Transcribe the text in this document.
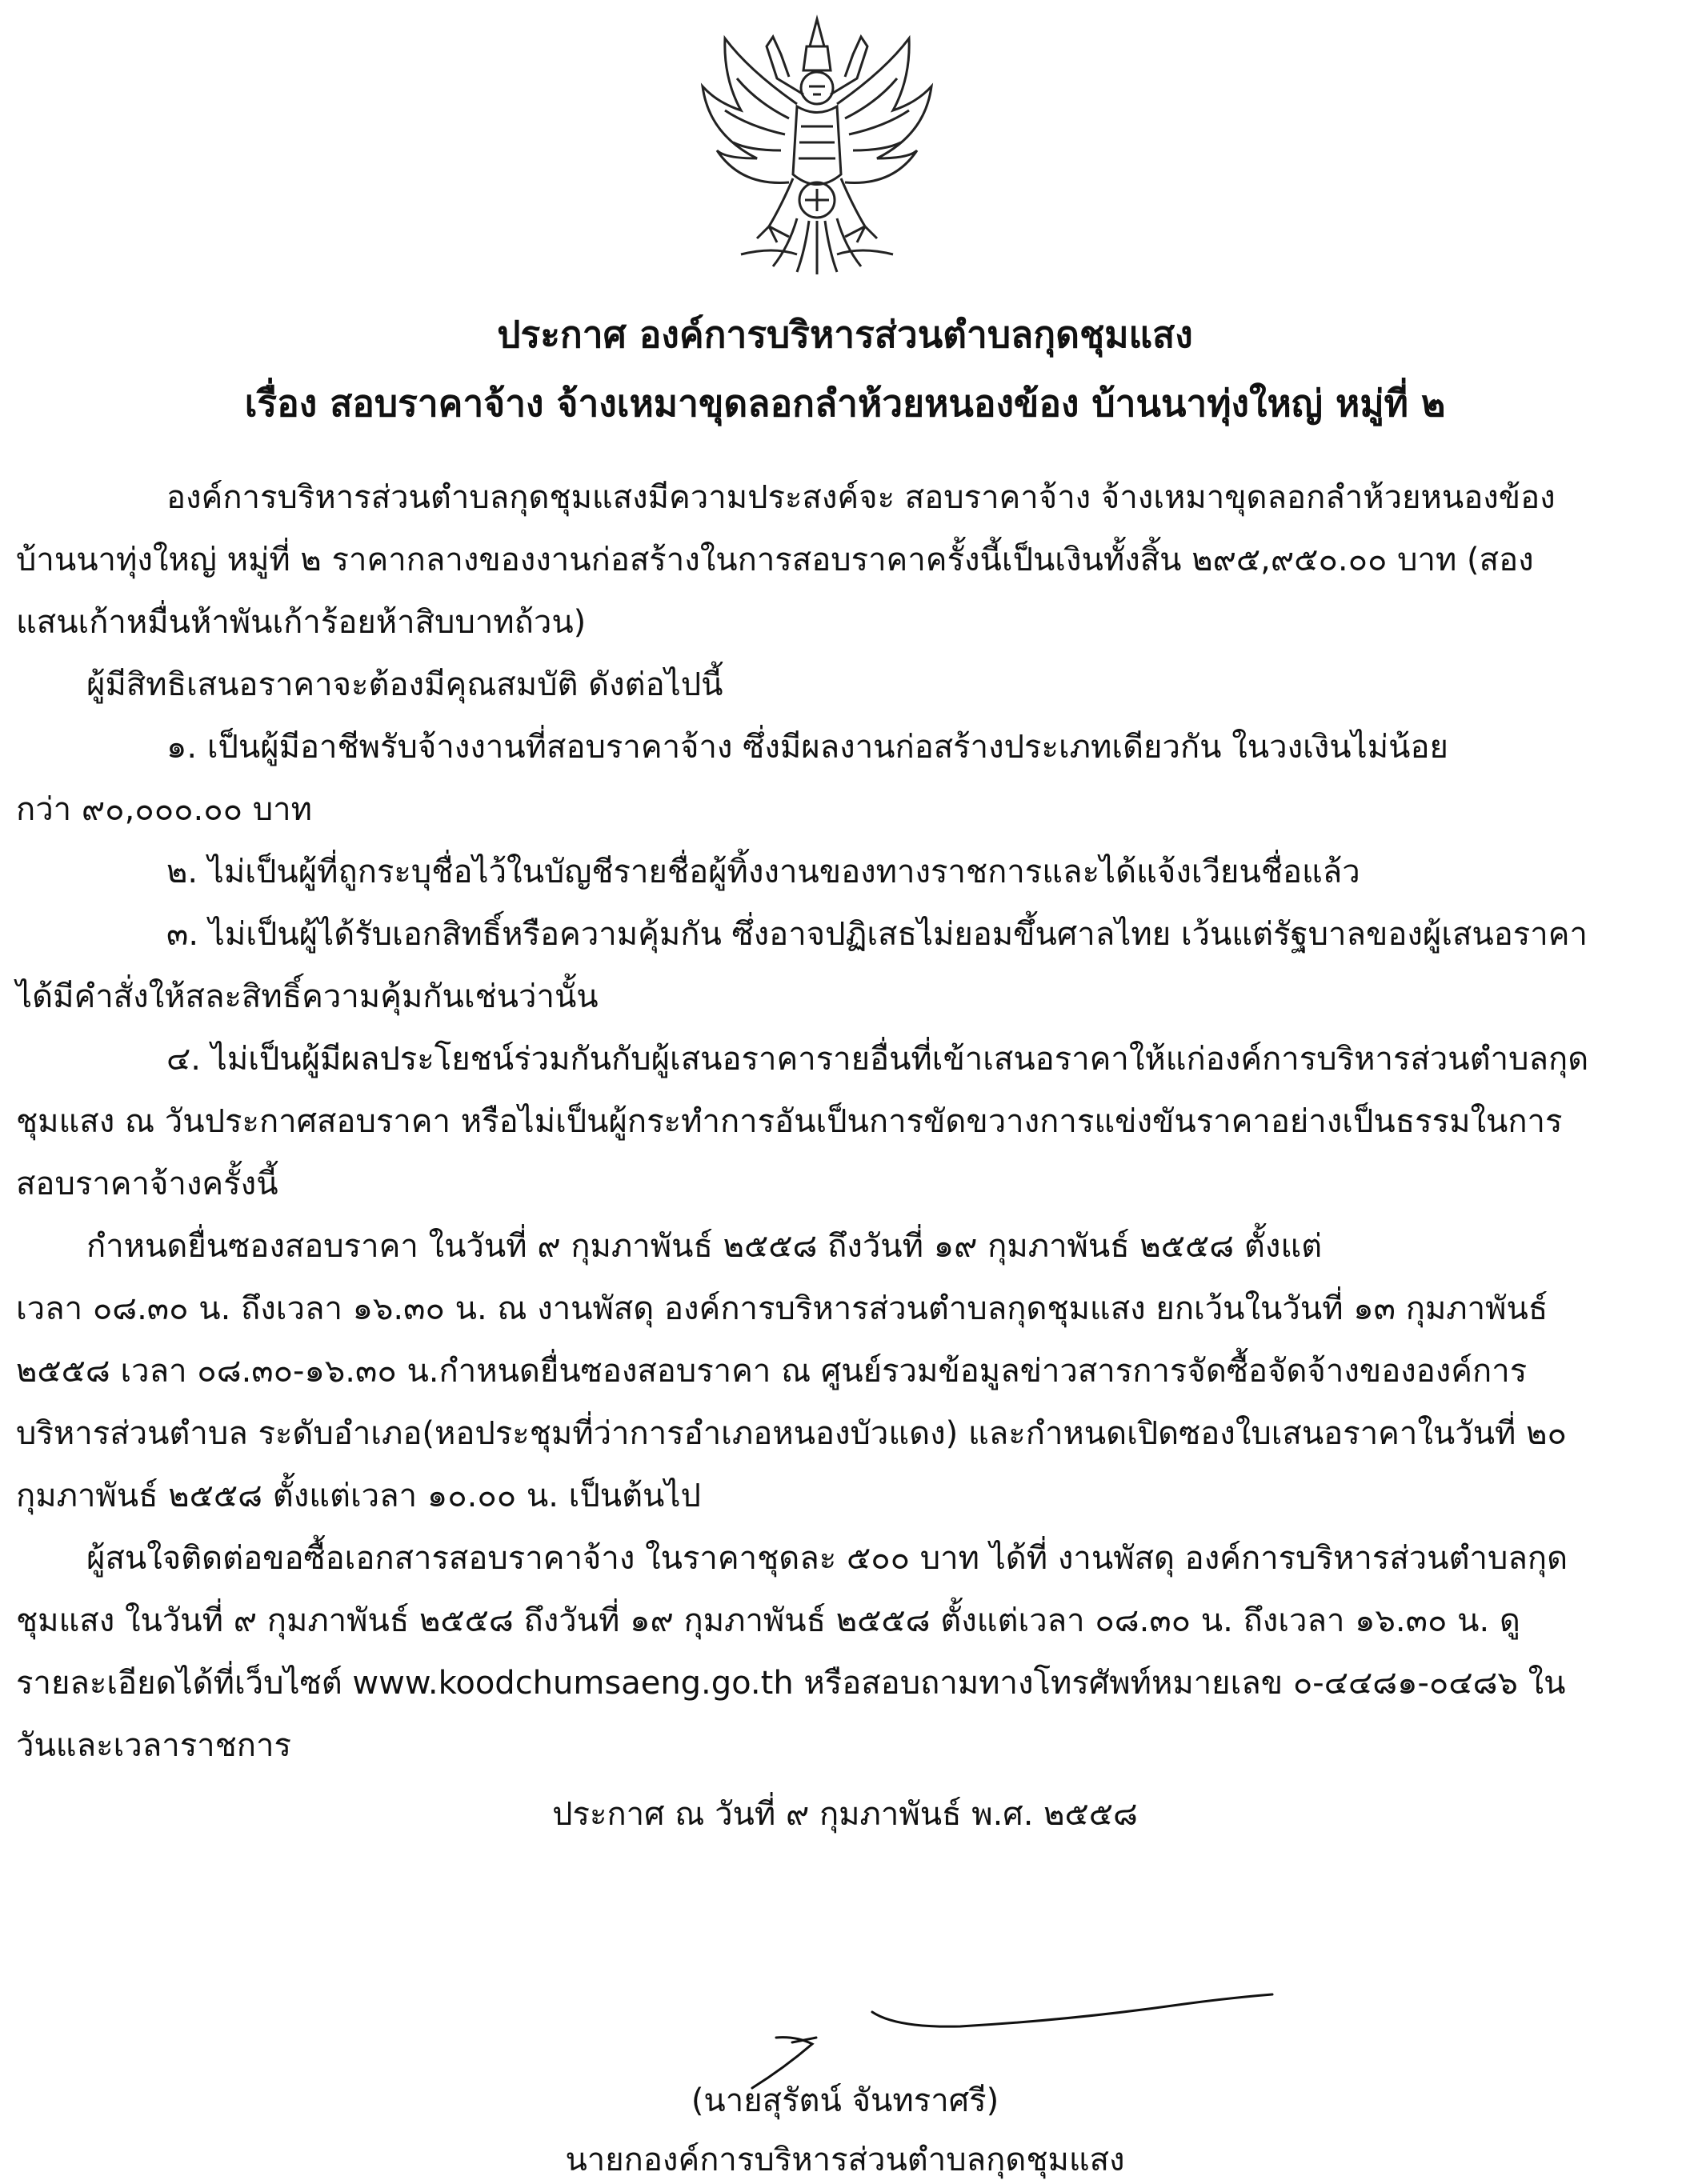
ประกาศ องค์การบริหารส่วนตำบลกุดชุมแสง
เรื่อง สอบราคาจ้าง จ้างเหมาขุดลอกลำห้วยหนองข้อง บ้านนาทุ่งใหญ่ หมู่ที่ ๒
องค์การบริหารส่วนตำบลกุดชุมแสงมีความประสงค์จะ สอบราคาจ้าง จ้างเหมาขุดลอกลำห้วยหนองข้อง
บ้านนาทุ่งใหญ่ หมู่ที่ ๒ ราคากลางของงานก่อสร้างในการสอบราคาครั้งนี้เป็นเงินทั้งสิ้น ๒๙๕,๙๕๐.๐๐ บาท (สอง
แสนเก้าหมื่นห้าพันเก้าร้อยห้าสิบบาทถ้วน)
ผู้มีสิทธิเสนอราคาจะต้องมีคุณสมบัติ ดังต่อไปนี้
๑. เป็นผู้มีอาชีพรับจ้างงานที่สอบราคาจ้าง ซึ่งมีผลงานก่อสร้างประเภทเดียวกัน ในวงเงินไม่น้อย
กว่า ๙๐,๐๐๐.๐๐ บาท
๒. ไม่เป็นผู้ที่ถูกระบุชื่อไว้ในบัญชีรายชื่อผู้ทิ้งงานของทางราชการและได้แจ้งเวียนชื่อแล้ว
๓. ไม่เป็นผู้ได้รับเอกสิทธิ์หรือความคุ้มกัน ซึ่งอาจปฏิเสธไม่ยอมขึ้นศาลไทย เว้นแต่รัฐบาลของผู้เสนอราคา
ได้มีคำสั่งให้สละสิทธิ์ความคุ้มกันเช่นว่านั้น
๔. ไม่เป็นผู้มีผลประโยชน์ร่วมกันกับผู้เสนอราคารายอื่นที่เข้าเสนอราคาให้แก่องค์การบริหารส่วนตำบลกุด
ชุมแสง ณ วันประกาศสอบราคา หรือไม่เป็นผู้กระทำการอันเป็นการขัดขวางการแข่งขันราคาอย่างเป็นธรรมในการ
สอบราคาจ้างครั้งนี้
กำหนดยื่นซองสอบราคา ในวันที่ ๙ กุมภาพันธ์ ๒๕๕๘ ถึงวันที่ ๑๙ กุมภาพันธ์ ๒๕๕๘ ตั้งแต่
เวลา ๐๘.๓๐ น. ถึงเวลา ๑๖.๓๐ น. ณ งานพัสดุ องค์การบริหารส่วนตำบลกุดชุมแสง ยกเว้นในวันที่ ๑๓ กุมภาพันธ์
๒๕๕๘ เวลา ๐๘.๓๐-๑๖.๓๐ น.กำหนดยื่นซองสอบราคา ณ ศูนย์รวมข้อมูลข่าวสารการจัดซื้อจัดจ้างขององค์การ
บริหารส่วนตำบล ระดับอำเภอ(หอประชุมที่ว่าการอำเภอหนองบัวแดง) และกำหนดเปิดซองใบเสนอราคาในวันที่ ๒๐
กุมภาพันธ์ ๒๕๕๘ ตั้งแต่เวลา ๑๐.๐๐ น. เป็นต้นไป
ผู้สนใจติดต่อขอซื้อเอกสารสอบราคาจ้าง ในราคาชุดละ ๕๐๐ บาท ได้ที่ งานพัสดุ องค์การบริหารส่วนตำบลกุด
ชุมแสง ในวันที่ ๙ กุมภาพันธ์ ๒๕๕๘ ถึงวันที่ ๑๙ กุมภาพันธ์ ๒๕๕๘ ตั้งแต่เวลา ๐๘.๓๐ น. ถึงเวลา ๑๖.๓๐ น. ดู
รายละเอียดได้ที่เว็บไซต์ www.koodchumsaeng.go.th หรือสอบถามทางโทรศัพท์หมายเลข ๐-๔๔๘๑-๐๔๘๖ ใน
วันและเวลาราชการ
ประกาศ ณ วันที่ ๙ กุมภาพันธ์ พ.ศ. ๒๕๕๘
(นายสุรัตน์ จันทราศรี)
นายกองค์การบริหารส่วนตำบลกุดชุมแสง
